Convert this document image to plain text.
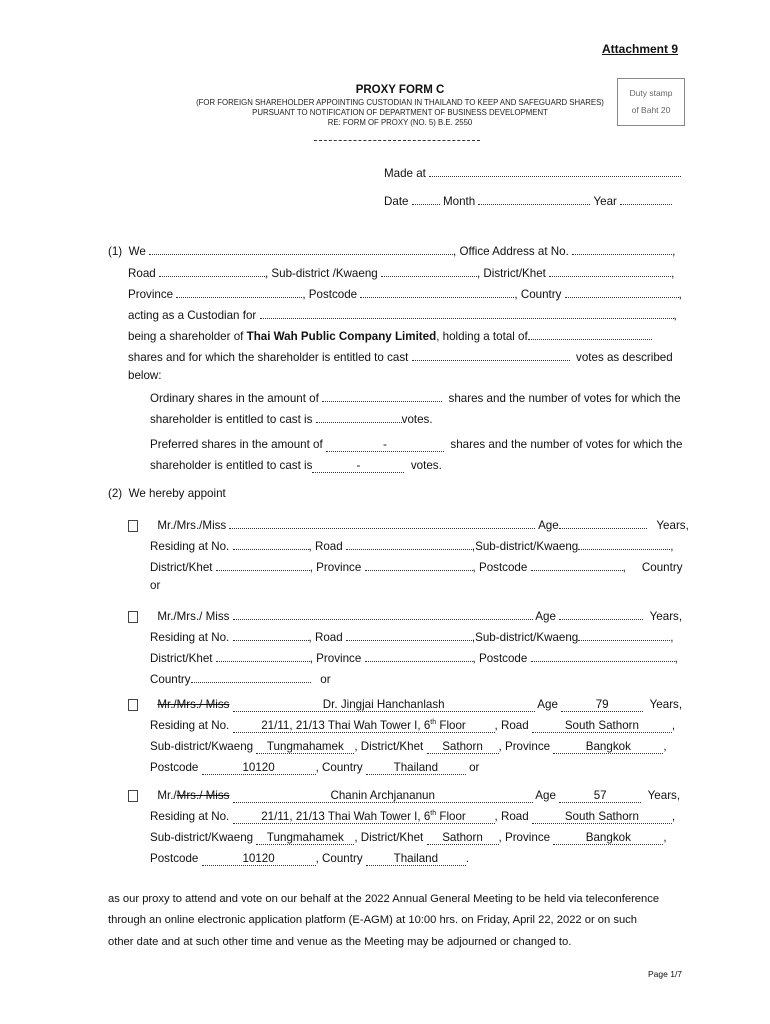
Attachment 9
Duty stamp
of Baht 20
PROXY FORM C
(FOR FOREIGN SHAREHOLDER APPOINTING CUSTODIAN IN THAILAND TO KEEP AND SAFEGUARD SHARES)
PURSUANT TO NOTIFICATION OF DEPARTMENT OF BUSINESS DEVELOPMENT
RE: FORM OF PROXY (NO. 5) B.E. 2550
Made at
Date	Month	Year
(1) We	, Office Address at No.	,
Road	, Sub-district /Kwaeng	, District/Khet	,
Province	, Postcode	, Country	,
acting as a Custodian for	,
being a shareholder of Thai Wah Public Company Limited, holding a total of
shares and for which the shareholder is entitled to cast	votes as described
below:
Ordinary shares in the amount of	shares and the number of votes for which the
shareholder is entitled to cast is	votes.
Preferred shares in the amount of	-	shares and the number of votes for which the
shareholder is entitled to cast is	-	votes.
(2) We hereby appoint
Mr./Mrs./Miss	Age	Years,
Residing at No.	, Road	,Sub-district/Kwaeng	,
District/Khet	, Province	, Postcode	, Country
or
Mr./Mrs./ Miss	Age	Years,
Residing at No.	, Road	,Sub-district/Kwaeng	,
District/Khet	, Province	, Postcode	,
Country	or
Mr./Mrs./ Miss	Dr. Jingjai Hanchanlash	Age	79	Years,
Residing at No.	21/11, 21/13 Thai Wah Tower I, 6th Floor , Road	South Sathorn	,
Sub-district/Kwaeng Tungmahamek , District/Khet Sathorn , Province	Bangkok	,
Postcode	10120	, Country	Thailand	or
Mr./Mrs./ Miss	Chanin Archjananun	Age	57	Years,
Residing at No.	21/11, 21/13 Thai Wah Tower I, 6th Floor , Road	South Sathorn	,
Sub-district/Kwaeng Tungmahamek , District/Khet Sathorn , Province	Bangkok	,
Postcode	10120	, Country	Thailand .
as our proxy to attend and vote on our behalf at the 2022 Annual General Meeting to be held via teleconference
through an online electronic application platform (E-AGM) at 10:00 hrs. on Friday, April 22, 2022 or on such
other date and at such other time and venue as the Meeting may be adjourned or changed to.
Page 1/7
